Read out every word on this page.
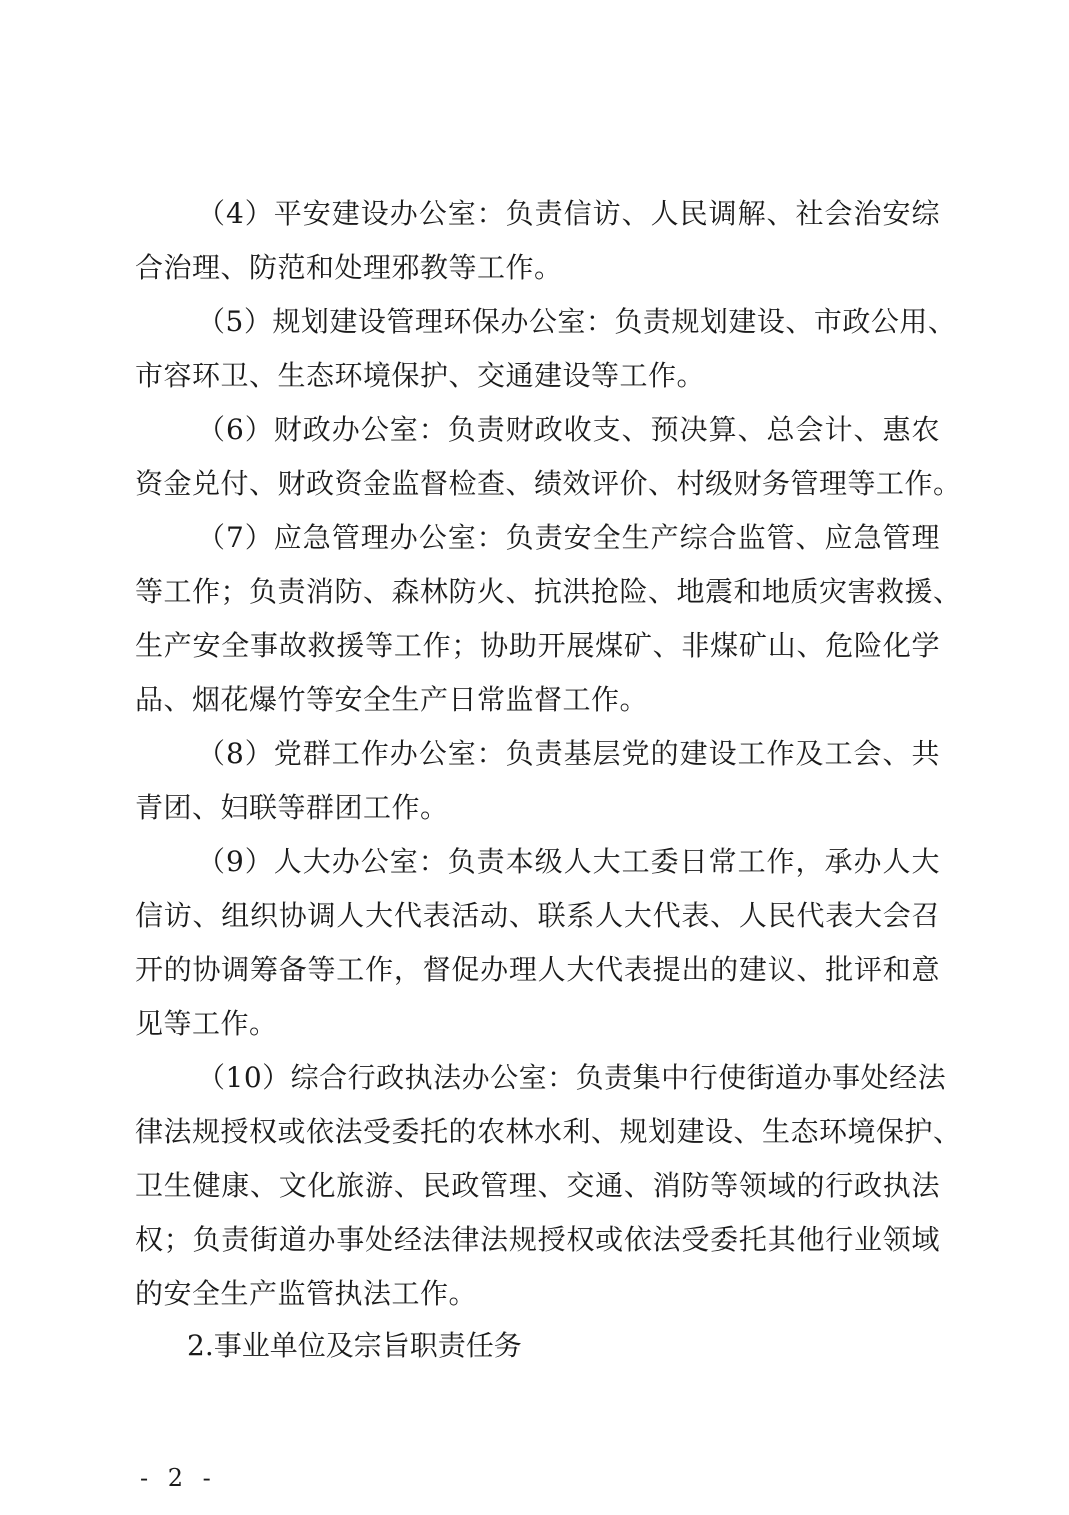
（4）平安建设办公室：负责信访、人民调解、社会治安综
合治理、防范和处理邪教等工作。
（5）规划建设管理环保办公室：负责规划建设、市政公用、
市容环卫、生态环境保护、交通建设等工作。
（6）财政办公室：负责财政收支、预决算、总会计、惠农
资金兑付、财政资金监督检查、绩效评价、村级财务管理等工作。
（7）应急管理办公室：负责安全生产综合监管、应急管理
等工作；负责消防、森林防火、抗洪抢险、地震和地质灾害救援、
生产安全事故救援等工作；协助开展煤矿、非煤矿山、危险化学
品、烟花爆竹等安全生产日常监督工作。
（8）党群工作办公室：负责基层党的建设工作及工会、共
青团、妇联等群团工作。
（9）人大办公室：负责本级人大工委日常工作，承办人大
信访、组织协调人大代表活动、联系人大代表、人民代表大会召
开的协调筹备等工作，督促办理人大代表提出的建议、批评和意
见等工作。
（10）综合行政执法办公室：负责集中行使街道办事处经法
律法规授权或依法受委托的农林水利、规划建设、生态环境保护、
卫生健康、文化旅游、民政管理、交通、消防等领域的行政执法
权；负责街道办事处经法律法规授权或依法受委托其他行业领域
的安全生产监管执法工作。
2.事业单位及宗旨职责任务
- 2 -
